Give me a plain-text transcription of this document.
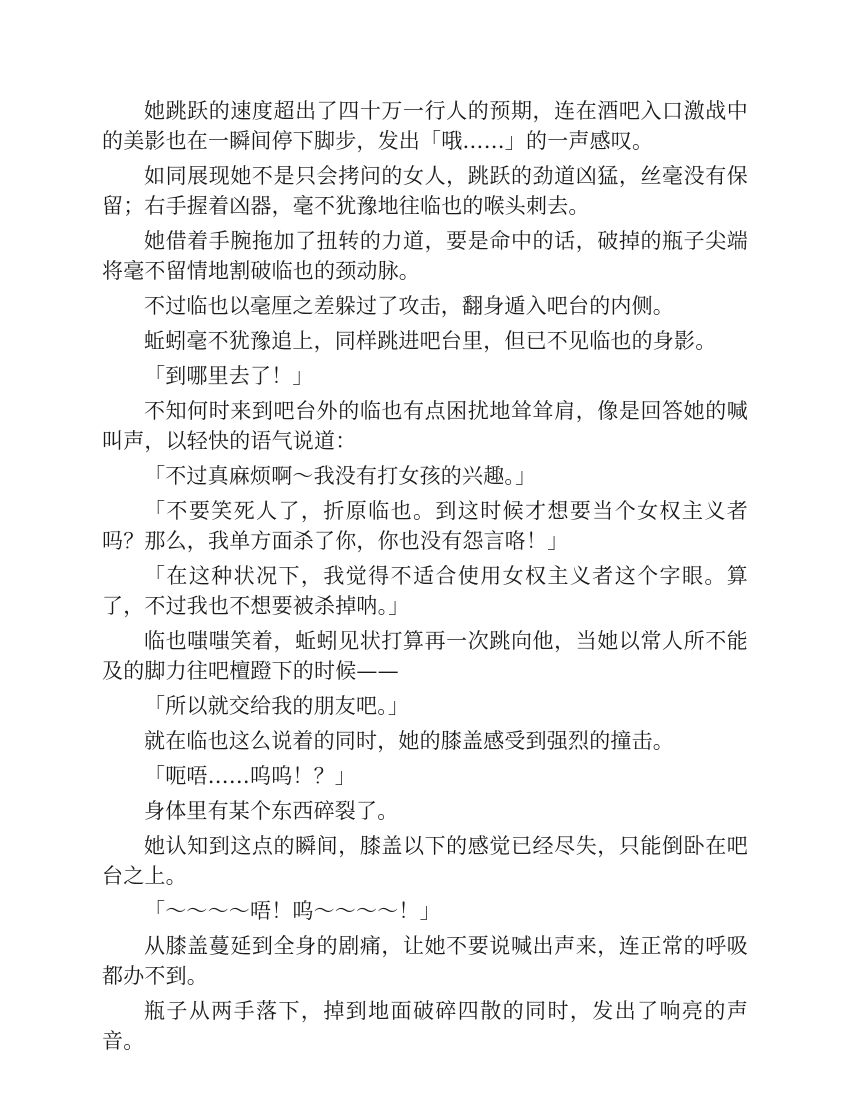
她跳跃的速度超出了四十万一行人的预期，连在酒吧入口激战中的美影也在一瞬间停下脚步，发出「哦……」的一声感叹。

如同展现她不是只会拷问的女人，跳跃的劲道凶猛，丝毫没有保留；右手握着凶器，毫不犹豫地往临也的喉头刺去。

她借着手腕拖加了扭转的力道，要是命中的话，破掉的瓶子尖端将毫不留情地割破临也的颈动脉。

不过临也以毫厘之差躲过了攻击，翻身遁入吧台的内侧。

蚯蚓毫不犹豫追上，同样跳进吧台里，但已不见临也的身影。

「到哪里去了！」

不知何时来到吧台外的临也有点困扰地耸耸肩，像是回答她的喊叫声，以轻快的语气说道：

「不过真麻烦啊～我没有打女孩的兴趣。」

「不要笑死人了，折原临也。到这时候才想要当个女权主义者吗？那么，我单方面杀了你，你也没有怨言咯！」

「在这种状况下，我觉得不适合使用女权主义者这个字眼。算了，不过我也不想要被杀掉呐。」

临也嗤嗤笑着，蚯蚓见状打算再一次跳向他，当她以常人所不能及的脚力往吧檀蹬下的时候——

「所以就交给我的朋友吧。」

就在临也这么说着的同时，她的膝盖感受到强烈的撞击。

「呃唔……呜呜！？」

身体里有某个东西碎裂了。

她认知到这点的瞬间，膝盖以下的感觉已经尽失，只能倒卧在吧台之上。

「～～～～唔！呜～～～～！」

从膝盖蔓延到全身的剧痛，让她不要说喊出声来，连正常的呼吸都办不到。

瓶子从两手落下，掉到地面破碎四散的同时，发出了响亮的声音。
